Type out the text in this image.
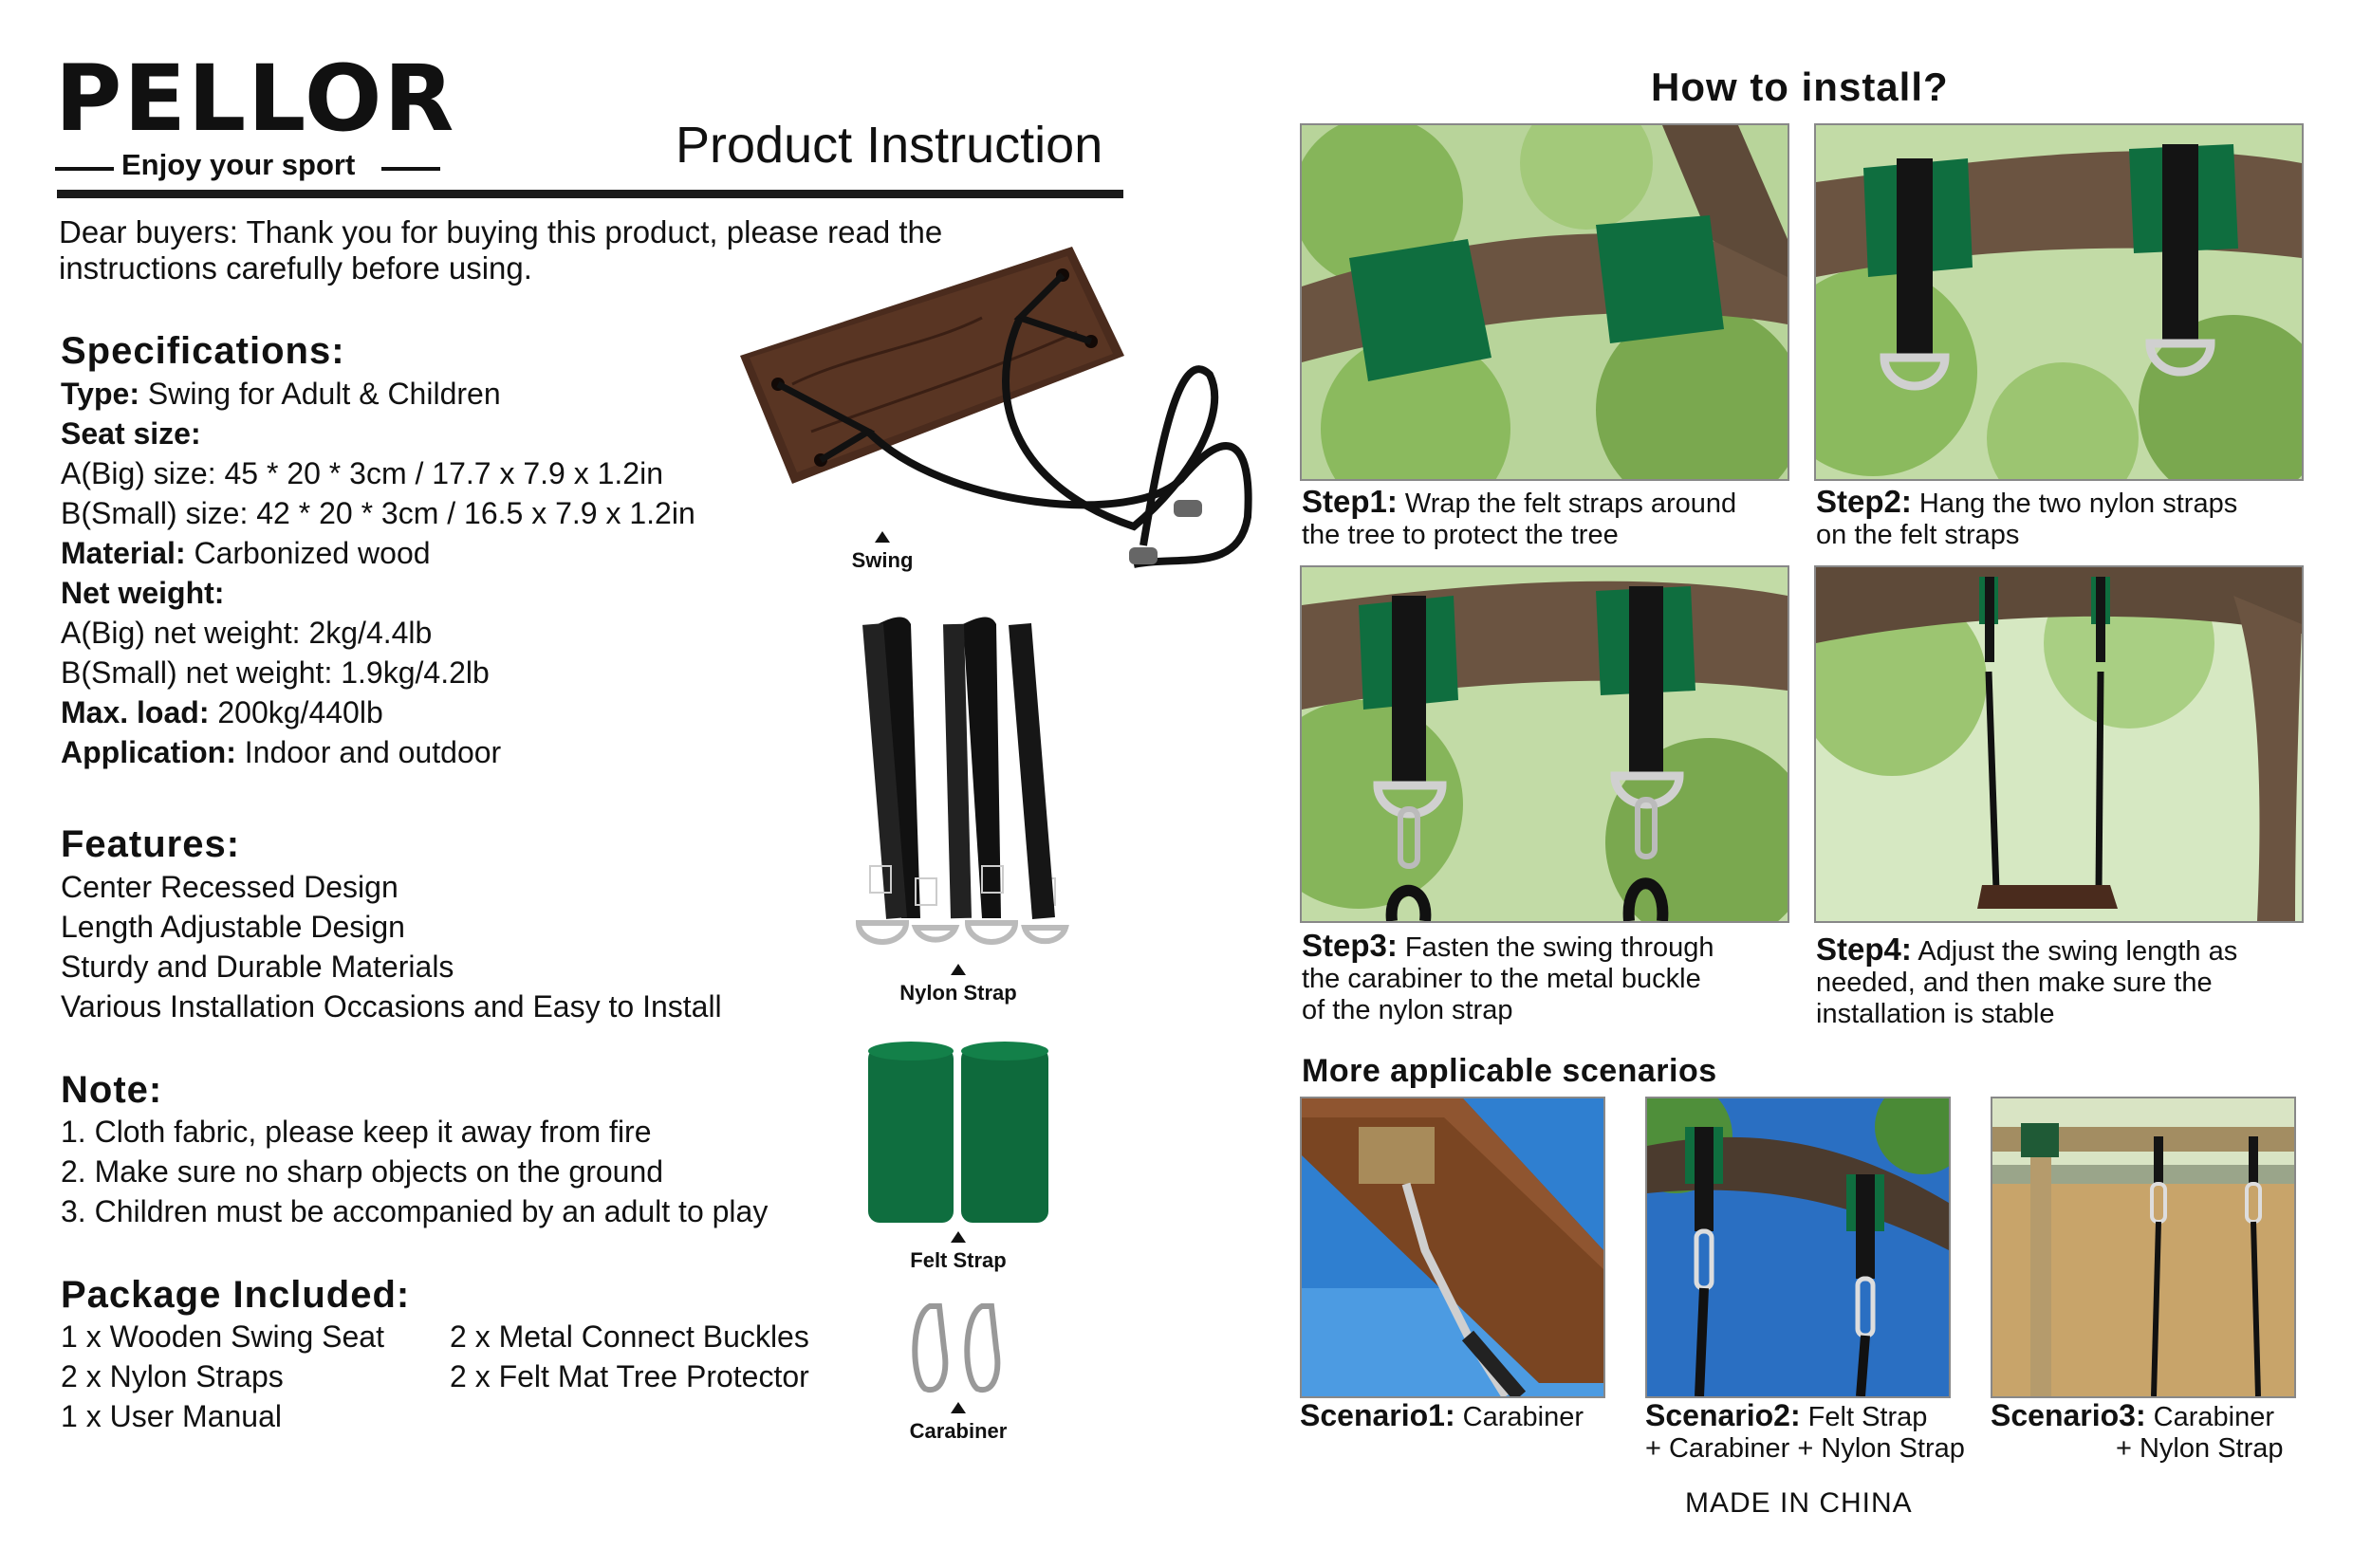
PELLOR
Enjoy your sport	Product Instruction
Dear buyers: Thank you for buying this product, please read the
instructions carefully before using.
Specifications:
Type: Swing for Adult & Children
Seat size:
A(Big) size: 45 * 20 * 3cm / 17.7 x 7.9 x 1.2in
B(Small) size: 42 * 20 * 3cm / 16.5 x 7.9 x 1.2in
Material: Carbonized wood
Net weight:
A(Big) net weight: 2kg/4.4lb
B(Small) net weight: 1.9kg/4.2lb
Max. load: 200kg/440lb
Application: Indoor and outdoor
Features:
Center Recessed Design
Length Adjustable Design
Sturdy and Durable Materials
Various Installation Occasions and Easy to Install
Note:
1. Cloth fabric, please keep it away from fire
2. Make sure no sharp objects on the ground
3. Children must be accompanied by an adult to play
Package Included:
1 x Wooden Swing Seat
2 x Nylon Straps
1 x User Manual
2 x Metal Connect Buckles
2 x Felt Mat Tree Protector
Swing
Nylon Strap
Felt Strap
Carabiner
How to install?
Step1: Wrap the felt straps around
the tree to protect the tree
Step2: Hang the two nylon straps
on the felt straps
Step3: Fasten the swing through
the carabiner to the metal buckle
of the nylon strap
Step4: Adjust the swing length as
needed, and then make sure the
installation is stable
More applicable scenarios
Scenario1: Carabiner	Scenario2: Felt Strap
+ Carabiner + Nylon Strap
Scenario3: Carabiner
+ Nylon Strap
MADE IN CHINA
